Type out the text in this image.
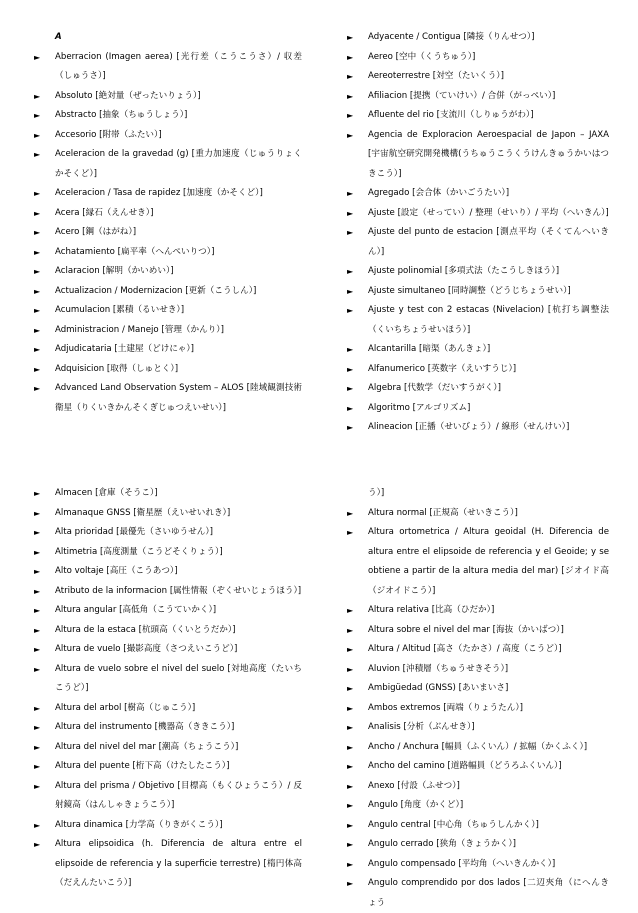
A
► Aberracion (Imagen aerea) [光行差（こうこうさ）/ 収差（しゅうさ）]
► Absoluto [絶対量（ぜったいりょう）]
► Abstracto [抽象（ちゅうしょう）]
► Accesorio [附帯（ふたい）]
► Aceleracion de la gravedad (g) [重力加速度（じゅうりょくかそくど）]
► Aceleracion / Tasa de rapidez [加速度（かそくど）]
► Acera [縁石（えんせき）]
► Acero [鋼（はがね）]
► Achatamiento [扁平率（へんぺいりつ）]
► Aclaracion [解明（かいめい）]
► Actualizacion / Modernizacion [更新（こうしん）]
► Acumulacion [累積（るいせき）]
► Administracion / Manejo [管理（かんり）]
► Adjudicataria [土建屋（どけにゃ）]
► Adquisicion [取得（しゅとく）]
► Advanced Land Observation System – ALOS [陸域観測技術衛星（りくいきかんそくぎじゅつえいせい）]
► Adyacente / Contigua [隣接（りんせつ）]
► Aereo [空中（くうちゅう）]
► Aereoterrestre [対空（たいくう）]
► Afiliacion [提携（ていけい）/ 合併（がっぺい）]
► Afluente del rio [支流川（しりゅうがわ）]
► Agencia de Exploracion Aeroespacial de Japon – JAXA [宇宙航空研究開発機構(うちゅうこうくうけんきゅうかいはつきこう）]
► Agregado [会合体（かいごうたい）]
► Ajuste [設定（せってい）/ 整理（せいり）/ 平均（へいきん）]
► Ajuste del punto de estacion [測点平均（そくてんへいきん）]
► Ajuste polinomial [多項式法（たこうしきほう）]
► Ajuste simultaneo [同時調整（どうじちょうせい）]
► Ajuste y test con 2 estacas (Nivelacion) [杭打ち調整法（くいちちょうせいほう）]
► Alcantarilla [暗渠（あんきょ）]
► Alfanumerico [英数字（えいすうじ）]
► Algebra [代数学（だいすうがく）]
► Algoritmo [アルゴリズム]
► Alineacion [正播（せいびょう）/ 線形（せんけい）]
► Almacen [倉庫（そうこ）]
► Almanaque GNSS [衛星歴（えいせいれき）]
► Alta prioridad [最優先（さいゆうせん）]
► Altimetria [高度測量（こうどそくりょう）]
► Alto voltaje [高圧（こうあつ）]
► Atributo de la informacion [属性情報（ぞくせいじょうほう）]
► Altura angular [高低角（こうていかく）]
► Altura de la estaca [杭頭高（くいとうだか）]
► Altura de vuelo [撮影高度（さつえいこうど）]
► Altura de vuelo sobre el nivel del suelo [対地高度（たいちこうど）]
► Altura del arbol [樹高（じゅこう）]
► Altura del instrumento [機器高（ききこう）]
► Altura del nivel del mar [潮高（ちょうこう）]
► Altura del puente [桁下高（けたしたこう）]
► Altura del prisma / Objetivo [目標高（もくひょうこう）/ 反射鏡高（はんしゃきょうこう）]
► Altura dinamica [力学高（りきがくこう）]
► Altura elipsoidica (h. Diferencia de altura entre el elipsoide de referencia y la superficie terrestre) [楕円体高（だえんたいこう）]
う）]
► Altura normal [正規高（せいきこう）]
► Altura ortometrica / Altura geoidal (H. Diferencia de altura entre el elipsoide de referencia y el Geoide; y se obtiene a partir de la altura media del mar) [ジオイド高（ジオイドこう）]
► Altura relativa [比高（ひだか）]
► Altura sobre el nivel del mar [海抜（かいばつ）]
► Altura / Altitud [高さ（たかさ）/ 高度（こうど）]
► Aluvion [沖積層（ちゅうせきそう）]
► Ambigüedad (GNSS) [あいまいさ]
► Ambos extremos [両端（りょうたん）]
► Analisis [分析（ぶんせき）]
► Ancho / Anchura [幅員（ふくいん）/ 拡幅（かくふく）]
► Ancho del camino [道路幅員（どうろふくいん）]
► Anexo [付設（ふせつ）]
► Angulo [角度（かくど）]
► Angulo central [中心角（ちゅうしんかく）]
► Angulo cerrado [狭角（きょうかく）]
► Angulo compensado [平均角（へいきんかく）]
► Angulo comprendido por dos lados [二辺夾角（にへんきょう
